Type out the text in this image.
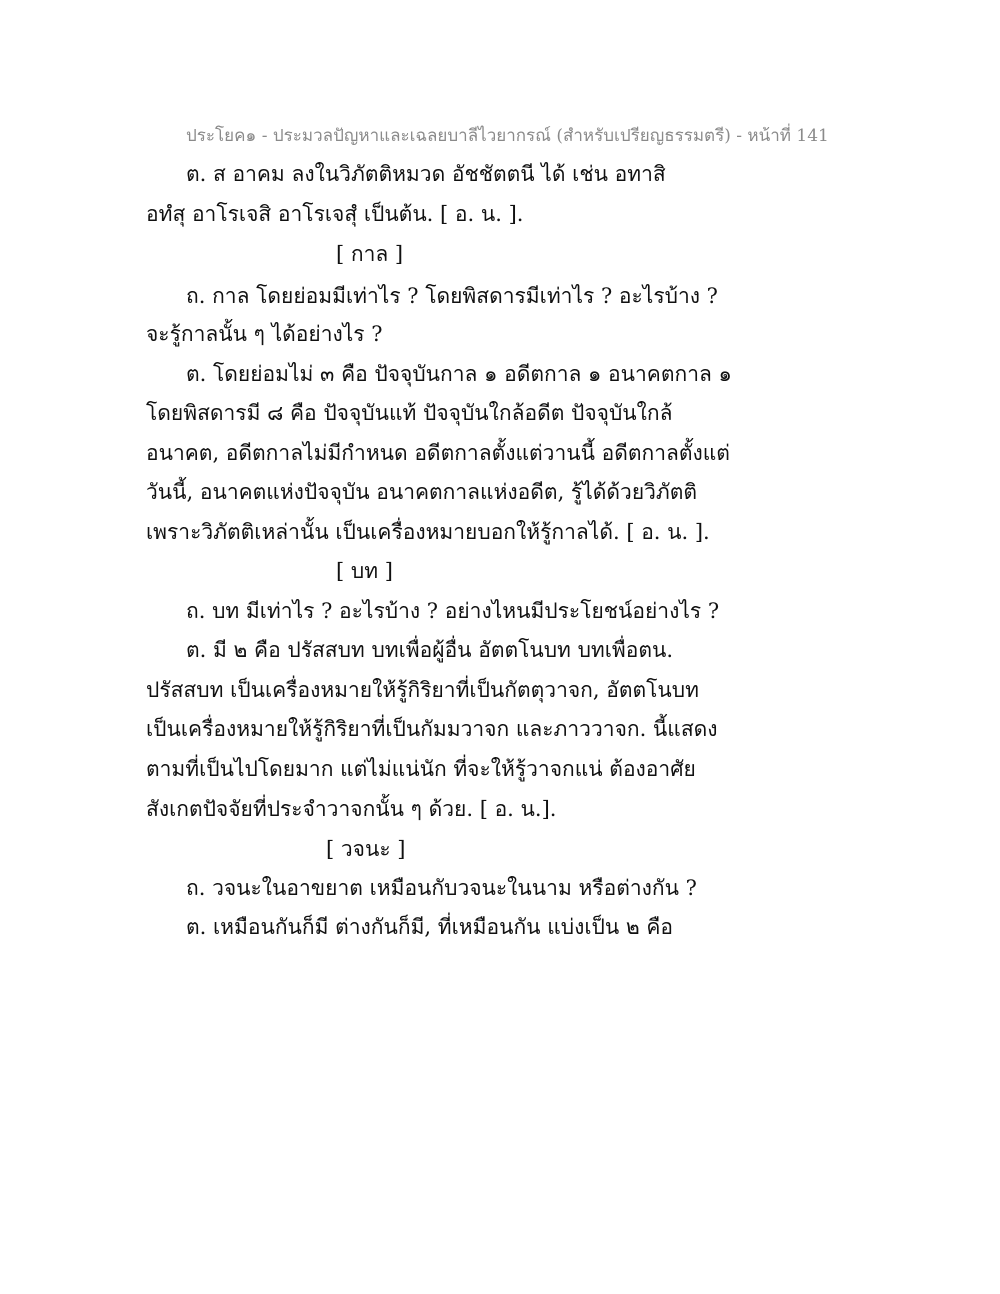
ประโยค๑ - ประมวลปัญหาและเฉลยบาลีไวยากรณ์ (สำหรับเปรียญธรรมตรี) - หน้าที่ 141
ต. ส อาคม ลงในวิภัตติหมวด อัชชัตตนี ได้ เช่น อทาสิ
อทํสุ อาโรเจสิ อาโรเจสุํ เป็นต้น. [ อ. น. ].
[ กาล ]
ถ. กาล โดยย่อมมีเท่าไร ? โดยพิสดารมีเท่าไร ? อะไรบ้าง ?
จะรู้กาลนั้น ๆ ได้อย่างไร ?
ต. โดยย่อมไม่ ๓ คือ ปัจจุบันกาล ๑ อดีตกาล ๑ อนาคตกาล ๑
โดยพิสดารมี ๘ คือ ปัจจุบันแท้ ปัจจุบันใกล้อดีต ปัจจุบันใกล้
อนาคต, อดีตกาลไม่มีกำหนด อดีตกาลตั้งแต่วานนี้ อดีตกาลตั้งแต่
วันนี้, อนาคตแห่งปัจจุบัน อนาคตกาลแห่งอดีต, รู้ได้ด้วยวิภัตติ
เพราะวิภัตติเหล่านั้น เป็นเครื่องหมายบอกให้รู้กาลได้. [ อ. น. ].
[ บท ]
ถ. บท มีเท่าไร ? อะไรบ้าง ? อย่างไหนมีประโยชน์อย่างไร ?
ต. มี ๒ คือ ปรัสสบท บทเพื่อผู้อื่น อัตตโนบท บทเพื่อตน.
ปรัสสบท เป็นเครื่องหมายให้รู้กิริยาที่เป็นกัตตุวาจก, อัตตโนบท
เป็นเครื่องหมายให้รู้กิริยาที่เป็นกัมมวาจก และภาววาจก. นี้แสดง
ตามที่เป็นไปโดยมาก แต่ไม่แน่นัก ที่จะให้รู้วาจกแน่ ต้องอาศัย
สังเกตปัจจัยที่ประจำวาจกนั้น ๆ ด้วย. [ อ. น.].
[ วจนะ ]
ถ. วจนะในอาขยาต เหมือนกับวจนะในนาม หรือต่างกัน ?
ต. เหมือนกันก็มี ต่างกันก็มี, ที่เหมือนกัน แบ่งเป็น ๒ คือ
